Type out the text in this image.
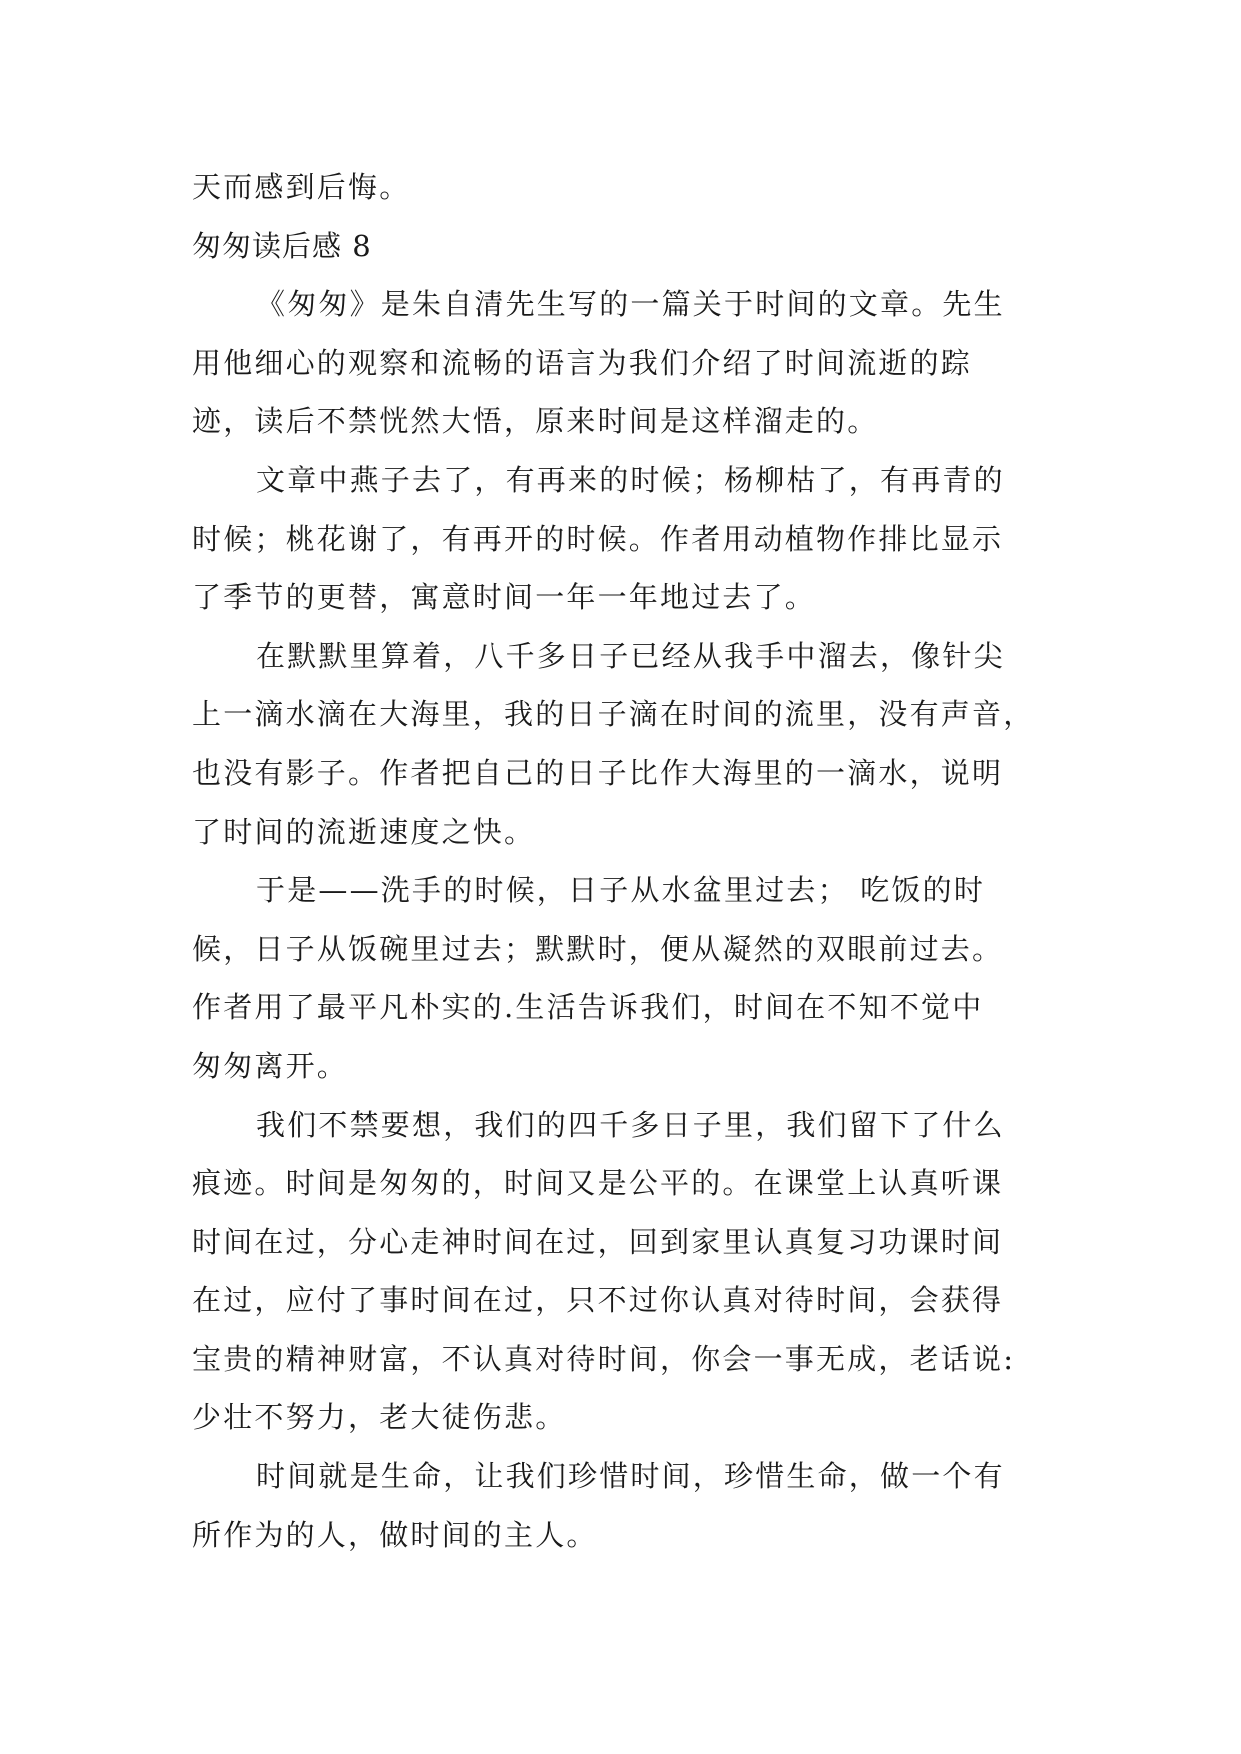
天而感到后悔。
匆匆读后感 8
《匆匆》是朱自清先生写的一篇关于时间的文章。先生
用他细心的观察和流畅的语言为我们介绍了时间流逝的踪
迹，读后不禁恍然大悟，原来时间是这样溜走的。
文章中燕子去了，有再来的时候；杨柳枯了，有再青的
时候；桃花谢了，有再开的时候。作者用动植物作排比显示
了季节的更替，寓意时间一年一年地过去了。
在默默里算着，八千多日子已经从我手中溜去，像针尖
上一滴水滴在大海里，我的日子滴在时间的流里，没有声音，
也没有影子。作者把自己的日子比作大海里的一滴水，说明
了时间的流逝速度之快。
于是——洗手的时候，日子从水盆里过去； 吃饭的时
候，日子从饭碗里过去；默默时，便从凝然的双眼前过去。
作者用了最平凡朴实的.生活告诉我们，时间在不知不觉中
匆匆离开。
我们不禁要想，我们的四千多日子里，我们留下了什么
痕迹。时间是匆匆的，时间又是公平的。在课堂上认真听课
时间在过，分心走神时间在过，回到家里认真复习功课时间
在过，应付了事时间在过，只不过你认真对待时间，会获得
宝贵的精神财富，不认真对待时间，你会一事无成，老话说:
少壮不努力，老大徒伤悲。
时间就是生命，让我们珍惜时间，珍惜生命，做一个有
所作为的人，做时间的主人。
